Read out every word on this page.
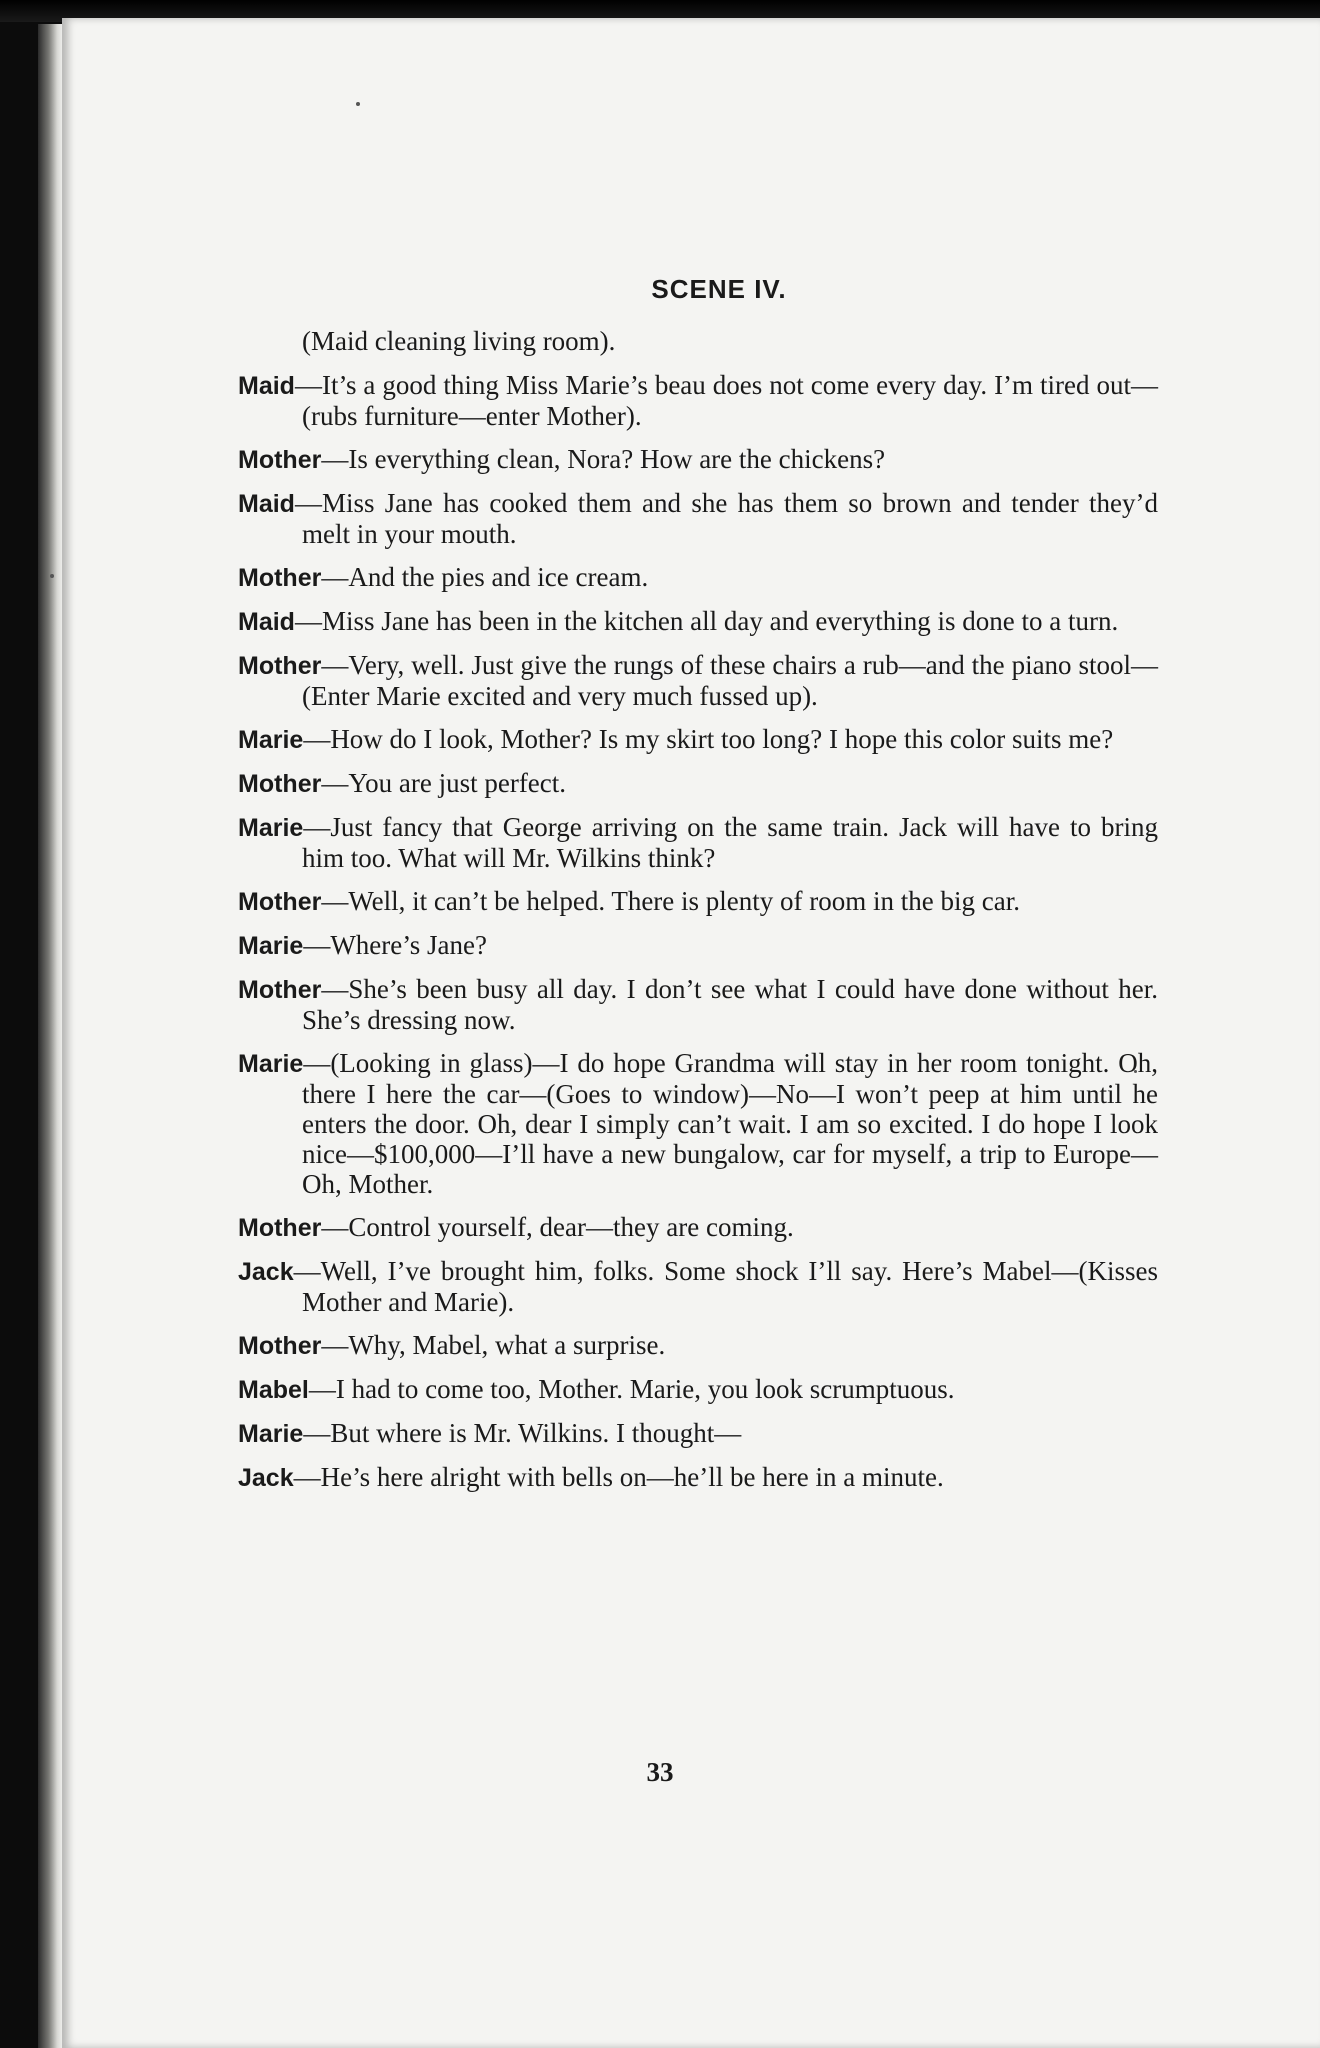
SCENE IV.
(Maid cleaning living room).
Maid—It’s a good thing Miss Marie’s beau does not come every day. I’m tired out—(rubs furniture—enter Mother).
Mother—Is everything clean, Nora? How are the chickens?
Maid—Miss Jane has cooked them and she has them so brown and tender they’d melt in your mouth.
Mother—And the pies and ice cream.
Maid—Miss Jane has been in the kitchen all day and everything is done to a turn.
Mother—Very, well. Just give the rungs of these chairs a rub—and the piano stool—(Enter Marie excited and very much fussed up).
Marie—How do I look, Mother? Is my skirt too long? I hope this color suits me?
Mother—You are just perfect.
Marie—Just fancy that George arriving on the same train. Jack will have to bring him too. What will Mr. Wilkins think?
Mother—Well, it can’t be helped. There is plenty of room in the big car.
Marie—Where’s Jane?
Mother—She’s been busy all day. I don’t see what I could have done without her. She’s dressing now.
Marie—(Looking in glass)—I do hope Grandma will stay in her room tonight. Oh, there I here the car—(Goes to window)—No—I won’t peep at him until he enters the door. Oh, dear I simply can’t wait. I am so excited. I do hope I look nice—$100,000—I’ll have a new bungalow, car for myself, a trip to Europe—Oh, Mother.
Mother—Control yourself, dear—they are coming.
Jack—Well, I’ve brought him, folks. Some shock I’ll say. Here’s Mabel—(Kisses Mother and Marie).
Mother—Why, Mabel, what a surprise.
Mabel—I had to come too, Mother. Marie, you look scrumptuous.
Marie—But where is Mr. Wilkins. I thought—
Jack—He’s here alright with bells on—he’ll be here in a minute.
33
